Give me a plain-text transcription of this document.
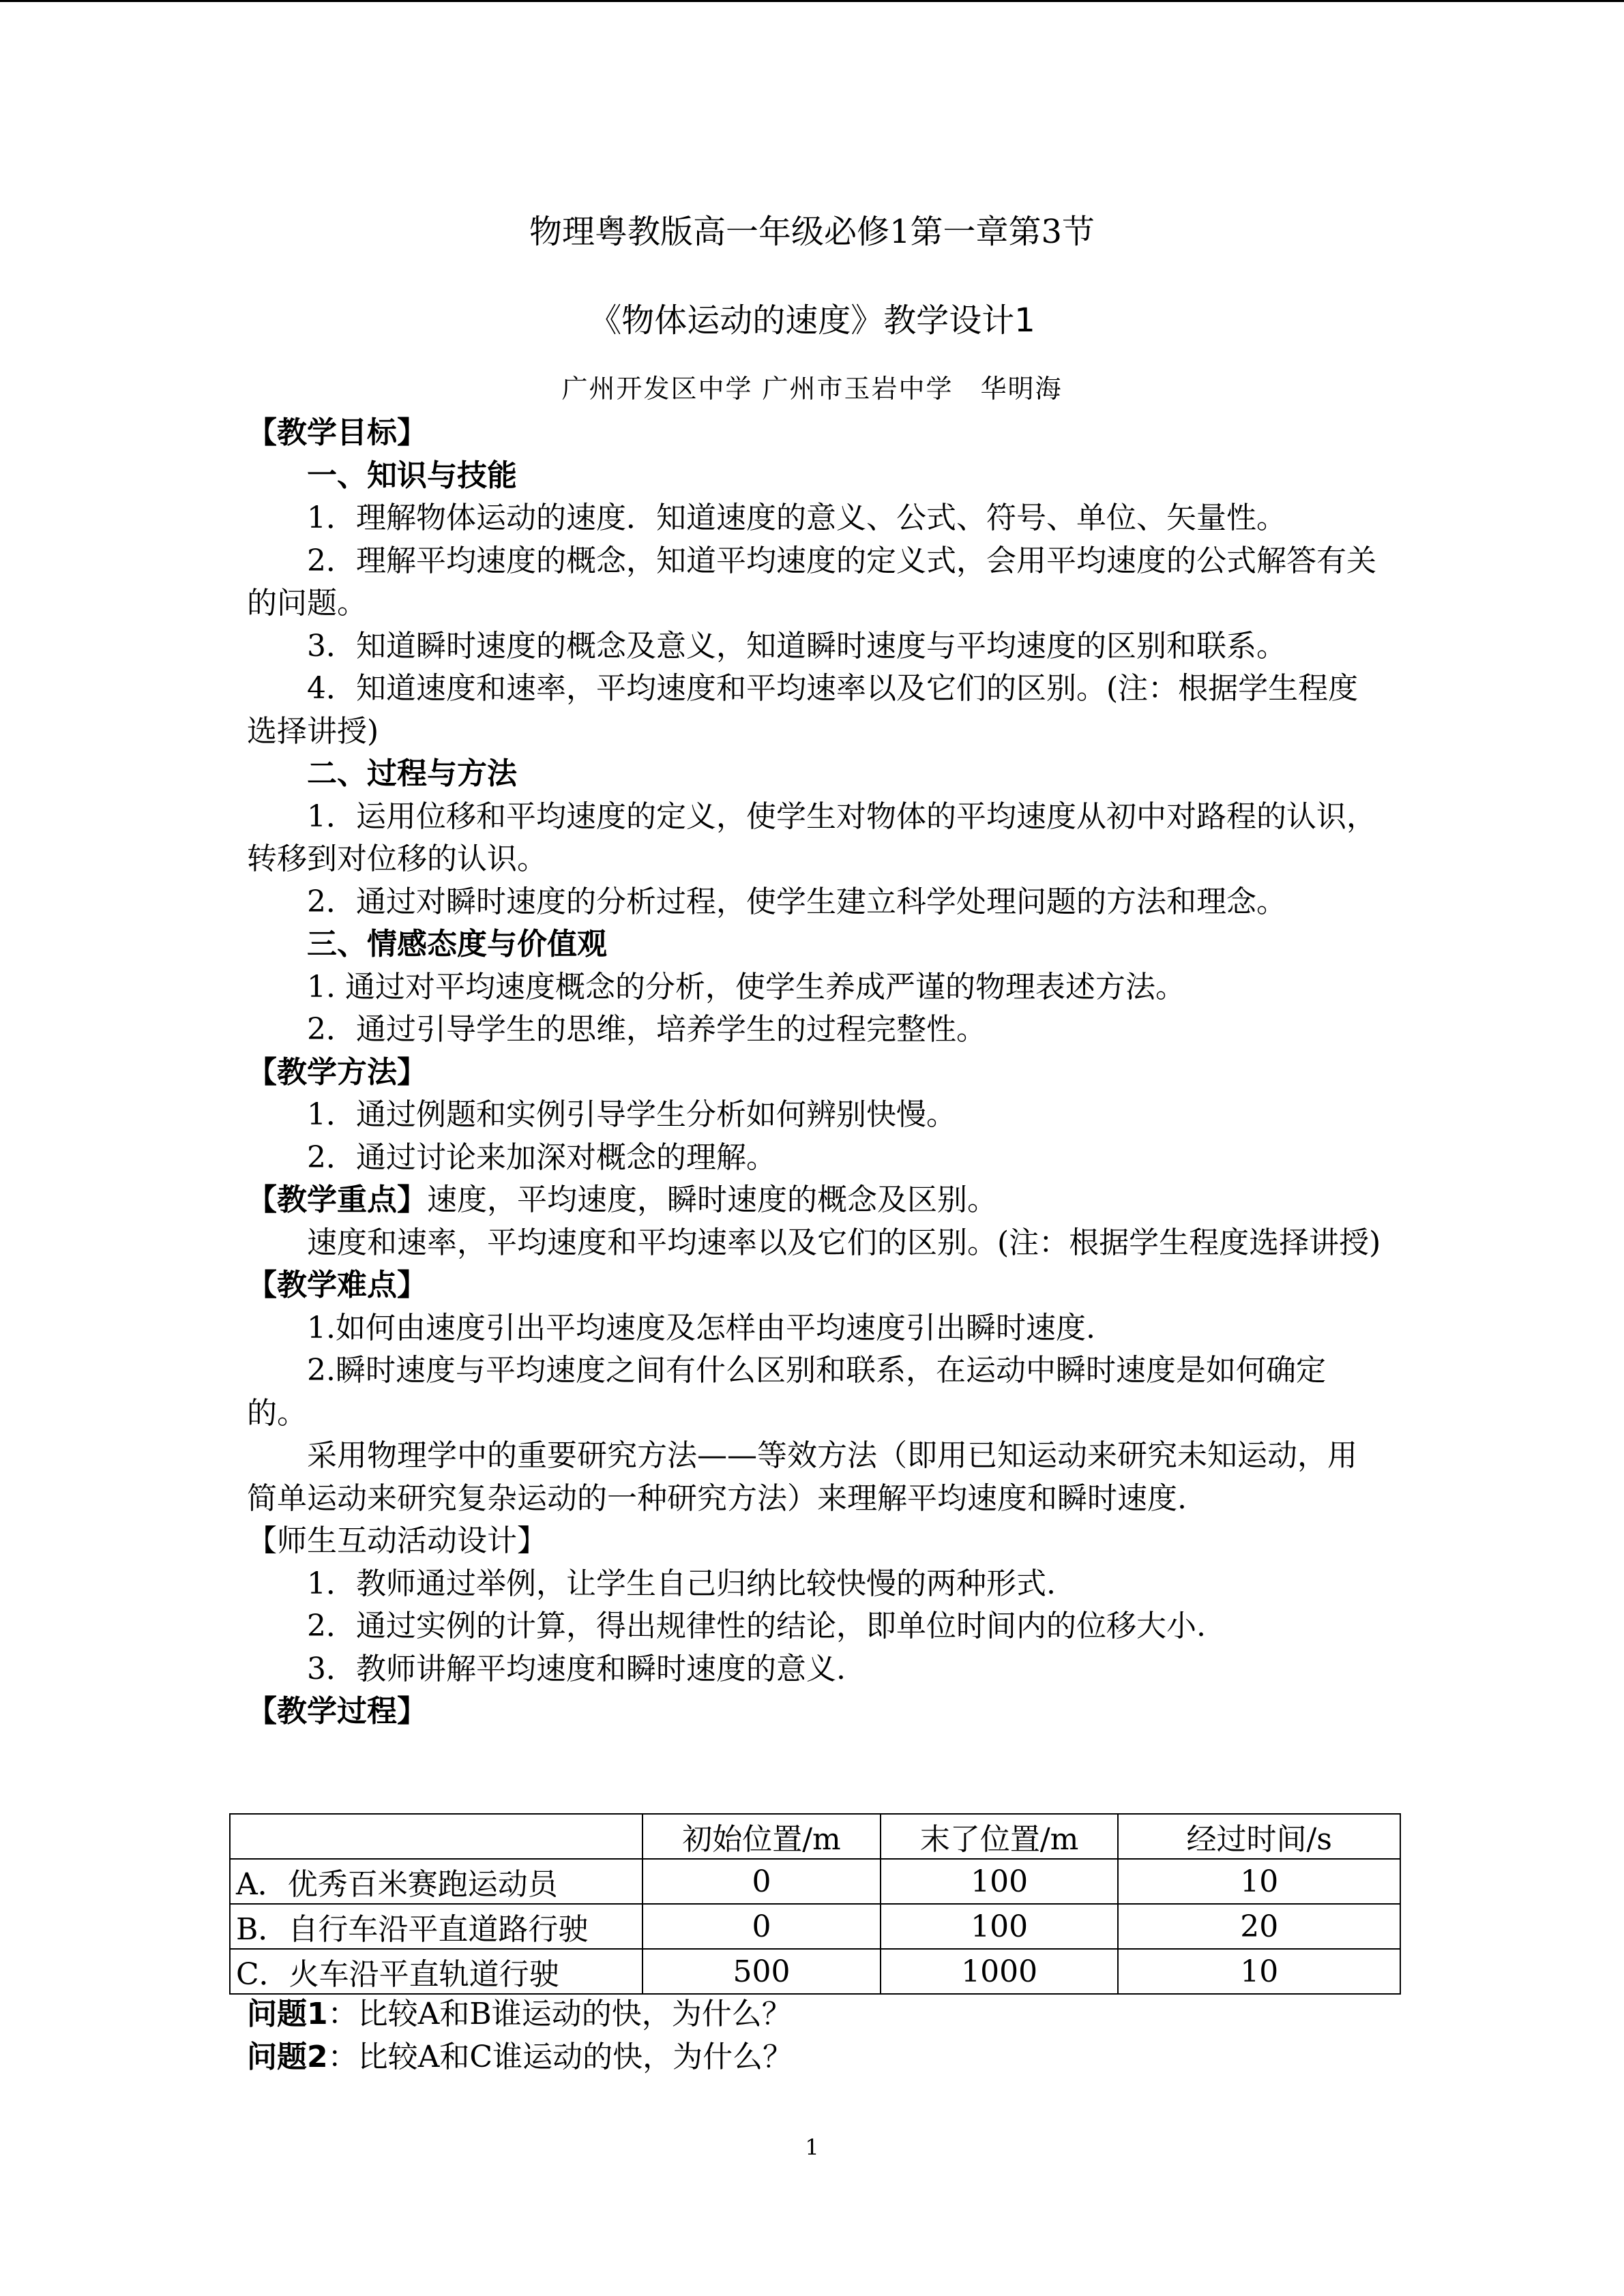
物理粤教版高一年级必修1第一章第3节
《物体运动的速度》教学设计1
广州开发区中学 广州市玉岩中学　华明海

【教学目标】

一、知识与技能

1．理解物体运动的速度．知道速度的意义、公式、符号、单位、矢量性。

2．理解平均速度的概念，知道平均速度的定义式，会用平均速度的公式解答有关的问题。

3．知道瞬时速度的概念及意义，知道瞬时速度与平均速度的区别和联系。

4．知道速度和速率，平均速度和平均速率以及它们的区别。(注：根据学生程度选择讲授)

二、过程与方法

1．运用位移和平均速度的定义，使学生对物体的平均速度从初中对路程的认识，转移到对位移的认识。

2．通过对瞬时速度的分析过程，使学生建立科学处理问题的方法和理念。

三、情感态度与价值观

1. 通过对平均速度概念的分析，使学生养成严谨的物理表述方法。

2．通过引导学生的思维，培养学生的过程完整性。

【教学方法】

1．通过例题和实例引导学生分析如何辨别快慢。

2．通过讨论来加深对概念的理解。

【教学重点】速度，平均速度，瞬时速度的概念及区别。

速度和速率，平均速度和平均速率以及它们的区别。(注：根据学生程度选择讲授)

【教学难点】

1.如何由速度引出平均速度及怎样由平均速度引出瞬时速度.

2.瞬时速度与平均速度之间有什么区别和联系，在运动中瞬时速度是如何确定的。

采用物理学中的重要研究方法——等效方法（即用已知运动来研究未知运动，用简单运动来研究复杂运动的一种研究方法）来理解平均速度和瞬时速度.

【师生互动活动设计】

1．教师通过举例，让学生自己归纳比较快慢的两种形式.

2．通过实例的计算，得出规律性的结论，即单位时间内的位移大小.

3．教师讲解平均速度和瞬时速度的意义.

【教学过程】

	初始位置/m	末了位置/m	经过时间/s
A．优秀百米赛跑运动员	0	100	10
B．自行车沿平直道路行驶	0	100	20
C．火车沿平直轨道行驶	500	1000	10

问题1：比较A和B谁运动的快，为什么？

问题2：比较A和C谁运动的快，为什么？

1
